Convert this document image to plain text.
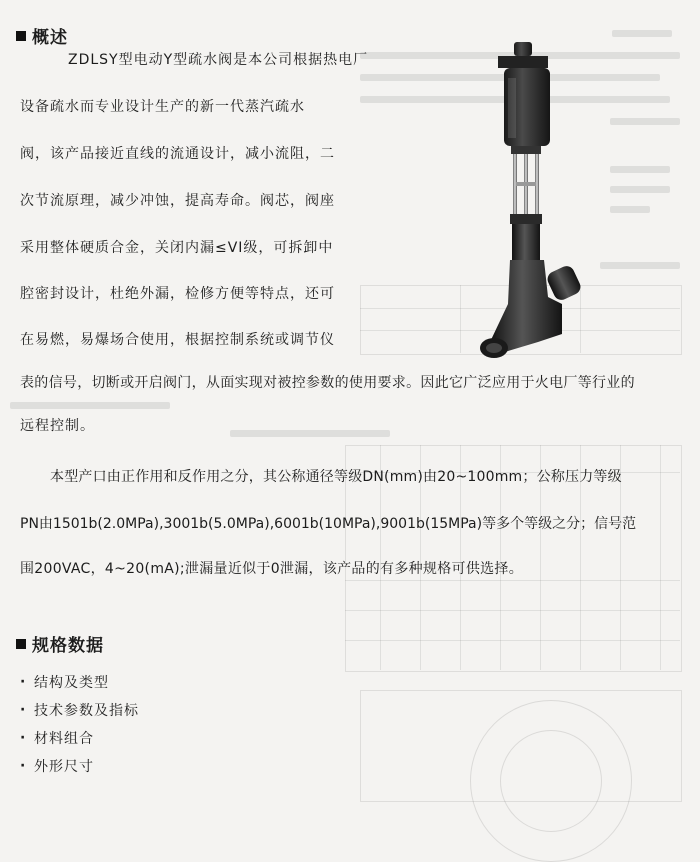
概述
ZDLSY型电动Y型疏水阀是本公司根据热电厂
设备疏水而专业设计生产的新一代蒸汽疏水
阀，该产品接近直线的流通设计，减小流阻，二
次节流原理，减少冲蚀，提高寿命。阀芯，阀座
采用整体硬质合金，关闭内漏≤VI级，可拆卸中
腔密封设计，杜绝外漏，检修方便等特点，还可
在易燃，易爆场合使用，根据控制系统或调节仪
表的信号，切断或开启阀门，从面实现对被控参数的使用要求。因此它广泛应用于火电厂等行业的
远程控制。
本型产口由正作用和反作用之分，其公称通径等级DN(mm)由20~100mm；公称压力等级
PN由1501b(2.0MPa),3001b(5.0MPa),6001b(10MPa),9001b(15MPa)等多个等级之分；信号范
围200VAC，4~20(mA);泄漏量近似于0泄漏，该产品的有多种规格可供选择。
规格数据
· 结构及类型
· 技术参数及指标
· 材料组合
· 外形尺寸
